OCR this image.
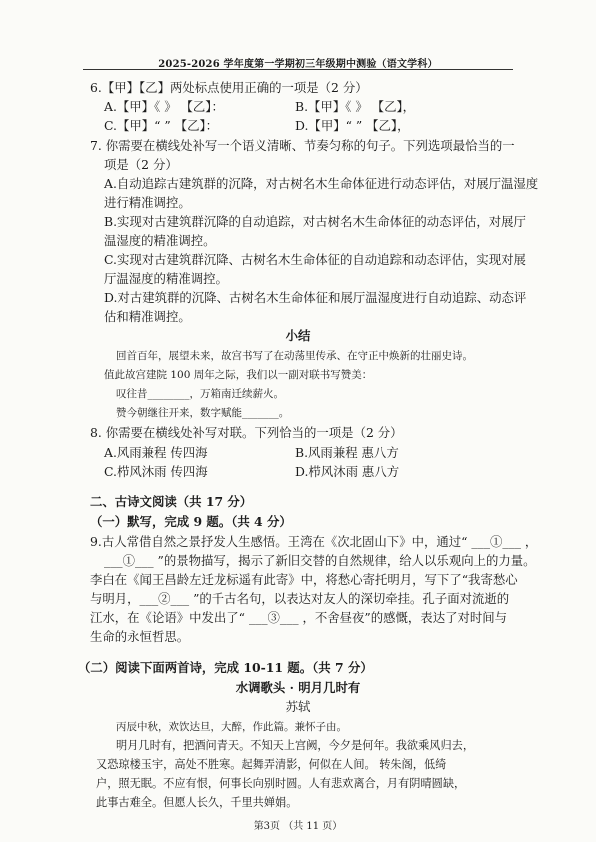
2025-2026 学年度第一学期初三年级期中测验（语文学科）
6.【甲】【乙】两处标点使用正确的一项是（2 分）
A.【甲】《 》 【乙】：	B.【甲】《 》 【乙】，
C.【甲】“ ” 【乙】：	D.【甲】“ ” 【乙】，
7. 你需要在横线处补写一个语义清晰、节奏匀称的句子。下列选项最恰当的一
项是（2 分）
A.自动追踪古建筑群的沉降，对古树名木生命体征进行动态评估，对展厅温湿度
进行精准调控。
B.实现对古建筑群沉降的自动追踪，对古树名木生命体征的动态评估，对展厅
温湿度的精准调控。
C.实现对古建筑群沉降、古树名木生命体征的自动追踪和动态评估，实现对展
厅温湿度的精准调控。
D.对古建筑群的沉降、古树名木生命体征和展厅温湿度进行自动追踪、动态评
估和精准调控。
小结
回首百年，展望未来，故宫书写了在动荡里传承、在守正中焕新的壮丽史诗。
值此故宫建院 100 周年之际，我们以一副对联书写赞美：
叹往昔________，万箱南迁续薪火。
赞今朝继往开来，数字赋能_______。
8. 你需要在横线处补写对联。下列恰当的一项是（2 分）
A.风雨兼程 传四海	B.风雨兼程 惠八方
C.栉风沐雨 传四海	D.栉风沐雨 惠八方
二、古诗文阅读（共 17 分）
（一）默写，完成 9 题。（共 4 分）
9.古人常借自然之景抒发人生感悟。王湾在《次北固山下》中，通过“ ___①___ ，
___①___ ”的景物描写，揭示了新旧交替的自然规律，给人以乐观向上的力量。
李白在《闻王昌龄左迁龙标遥有此寄》中，将愁心寄托明月，写下了“我寄愁心
与明月，___②___ ”的千古名句，以表达对友人的深切牵挂。孔子面对流逝的
江水，在《论语》中发出了“ ___③___ ，不舍昼夜”的感慨，表达了对时间与
生命的永恒哲思。
（二）阅读下面两首诗，完成 10-11 题。（共 7 分）
水调歌头 · 明月几时有
苏轼
丙辰中秋，欢饮达旦，大醉，作此篇。兼怀子由。
明月几时有，把酒问青天。不知天上宫阙，今夕是何年。我欲乘风归去，
又恐琼楼玉宇，高处不胜寒。起舞弄清影，何似在人间。 转朱阁，低绮
户，照无眠。不应有恨，何事长向别时圆。人有悲欢离合，月有阴晴圆缺，
此事古难全。但愿人长久，千里共婵娟。
第3页 （共 11 页）
